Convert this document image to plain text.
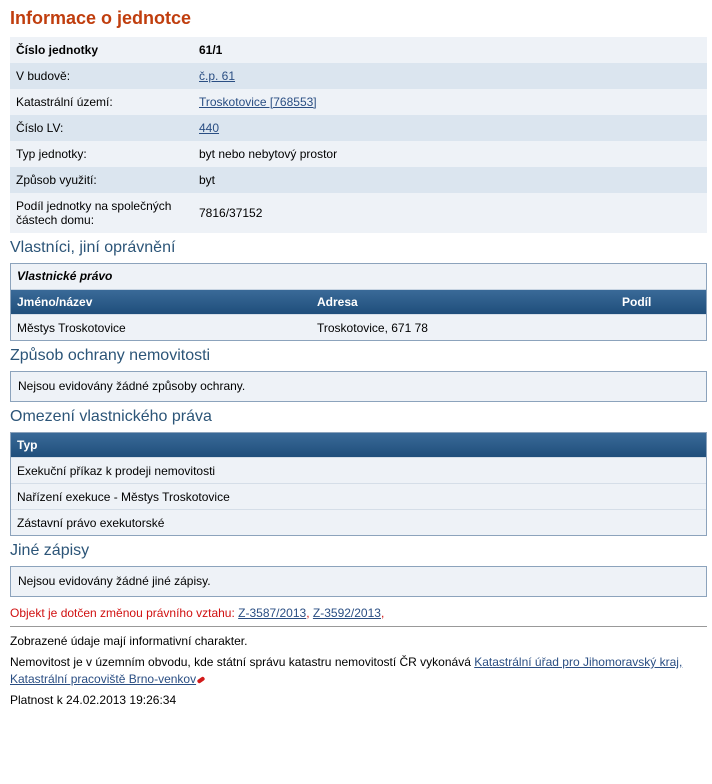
Informace o jednotce
Číslo jednotky	61/1
V budově:	č.p. 61
Katastrální území:	Troskotovice [768553]
Číslo LV:	440
Typ jednotky:	byt nebo nebytový prostor
Způsob využití:	byt
Podíl jednotky na společných částech domu:	7816/37152
Vlastníci, jiní oprávnění
Vlastnické právo
Jméno/název	Adresa	Podíl
Městys Troskotovice	Troskotovice, 671 78	
Způsob ochrany nemovitosti
Nejsou evidovány žádné způsoby ochrany.
Omezení vlastnického práva
Typ
Exekuční příkaz k prodeji nemovitosti
Nařízení exekuce - Městys Troskotovice
Zástavní právo exekutorské
Jiné zápisy
Nejsou evidovány žádné jiné zápisy.
Objekt je dotčen změnou právního vztahu: Z-3587/2013, Z-3592/2013,
Zobrazené údaje mají informativní charakter.
Nemovitost je v územním obvodu, kde státní správu katastru nemovitostí ČR vykonává Katastrální úřad pro Jihomoravský kraj,
Katastrální pracoviště Brno-venkov
Platnost k 24.02.2013 19:26:34
